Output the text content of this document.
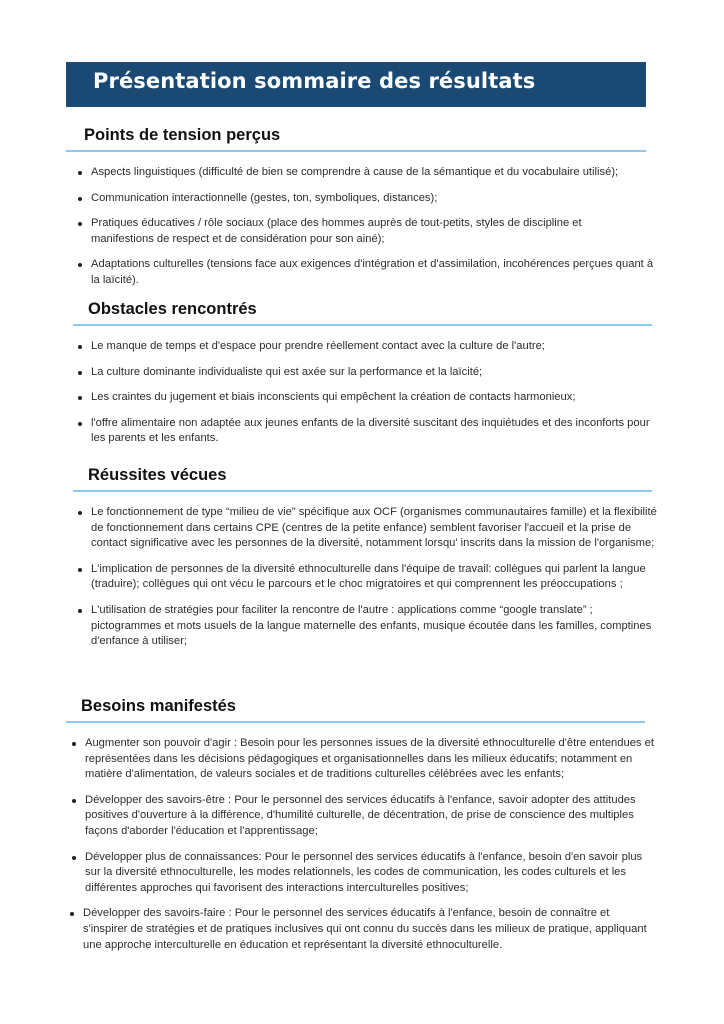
Présentation sommaire des résultats
Points de tension perçus
Aspects linguistiques (difficulté de bien se comprendre à cause de la sémantique et du vocabulaire utilisé);
Communication interactionnelle (gestes, ton, symboliques, distances);
Pratiques éducatives / rôle sociaux (place des hommes auprès de tout-petits, styles de discipline et manifestions de respect et de considération pour son ainé);
Adaptations culturelles (tensions face aux exigences d'intégration et d'assimilation, incohérences perçues quant à la laïcité).
Obstacles rencontrés
Le manque de temps et d'espace pour prendre réellement contact avec la culture de l'autre;
La culture dominante individualiste qui est axée sur la performance et la laïcité;
Les craintes du jugement et biais inconscients qui empêchent la création de contacts harmonieux;
l'offre alimentaire non adaptée aux jeunes enfants de la diversité suscitant des inquiétudes et des inconforts pour les parents et les enfants.
Réussites vécues
Le fonctionnement de type “milieu de vie” spécifique aux OCF (organismes communautaires famille) et la flexibilité de fonctionnement dans certains CPE (centres de la petite enfance) semblent favoriser l'accueil et la prise de contact significative avec les personnes de la diversité, notamment lorsqu' inscrits dans la mission de l'organisme;
L'implication de personnes de la diversité ethnoculturelle dans l'équipe de travail: collègues qui parlent la langue (traduire); collègues qui ont vécu le parcours et le choc migratoires et qui comprennent les préoccupations ;
L'utilisation de stratégies pour faciliter la rencontre de l'autre : applications comme “google translate” ; pictogrammes et mots usuels de la langue maternelle des enfants, musique écoutée dans les familles, comptines d'enfance à utiliser;
Besoins manifestés
Augmenter son pouvoir d'agir : Besoin pour les personnes issues de la diversité ethnoculturelle d'être entendues et représentées dans les décisions pédagogiques et organisationnelles dans les milieux éducatifs; notamment en matière d'alimentation, de valeurs sociales et de traditions culturelles célébrées avec les enfants;
Développer des savoirs-être : Pour le personnel des services éducatifs à l'enfance, savoir adopter des attitudes positives d'ouverture à la différence, d'humilité culturelle, de décentration, de prise de conscience des multiples façons d'aborder l'éducation et l'apprentissage;
Développer plus de connaissances: Pour le personnel des services éducatifs à l'enfance, besoin d'en savoir plus sur la diversité ethnoculturelle, les modes relationnels, les codes de communication, les codes culturels et les différentes approches qui favorisent des interactions interculturelles positives;
Développer des savoirs-faire : Pour le personnel des services éducatifs à l'enfance, besoin de connaître et s'inspirer de stratégies et de pratiques inclusives qui ont connu du succès dans les milieux de pratique, appliquant une approche interculturelle en éducation et représentant la diversité ethnoculturelle.
